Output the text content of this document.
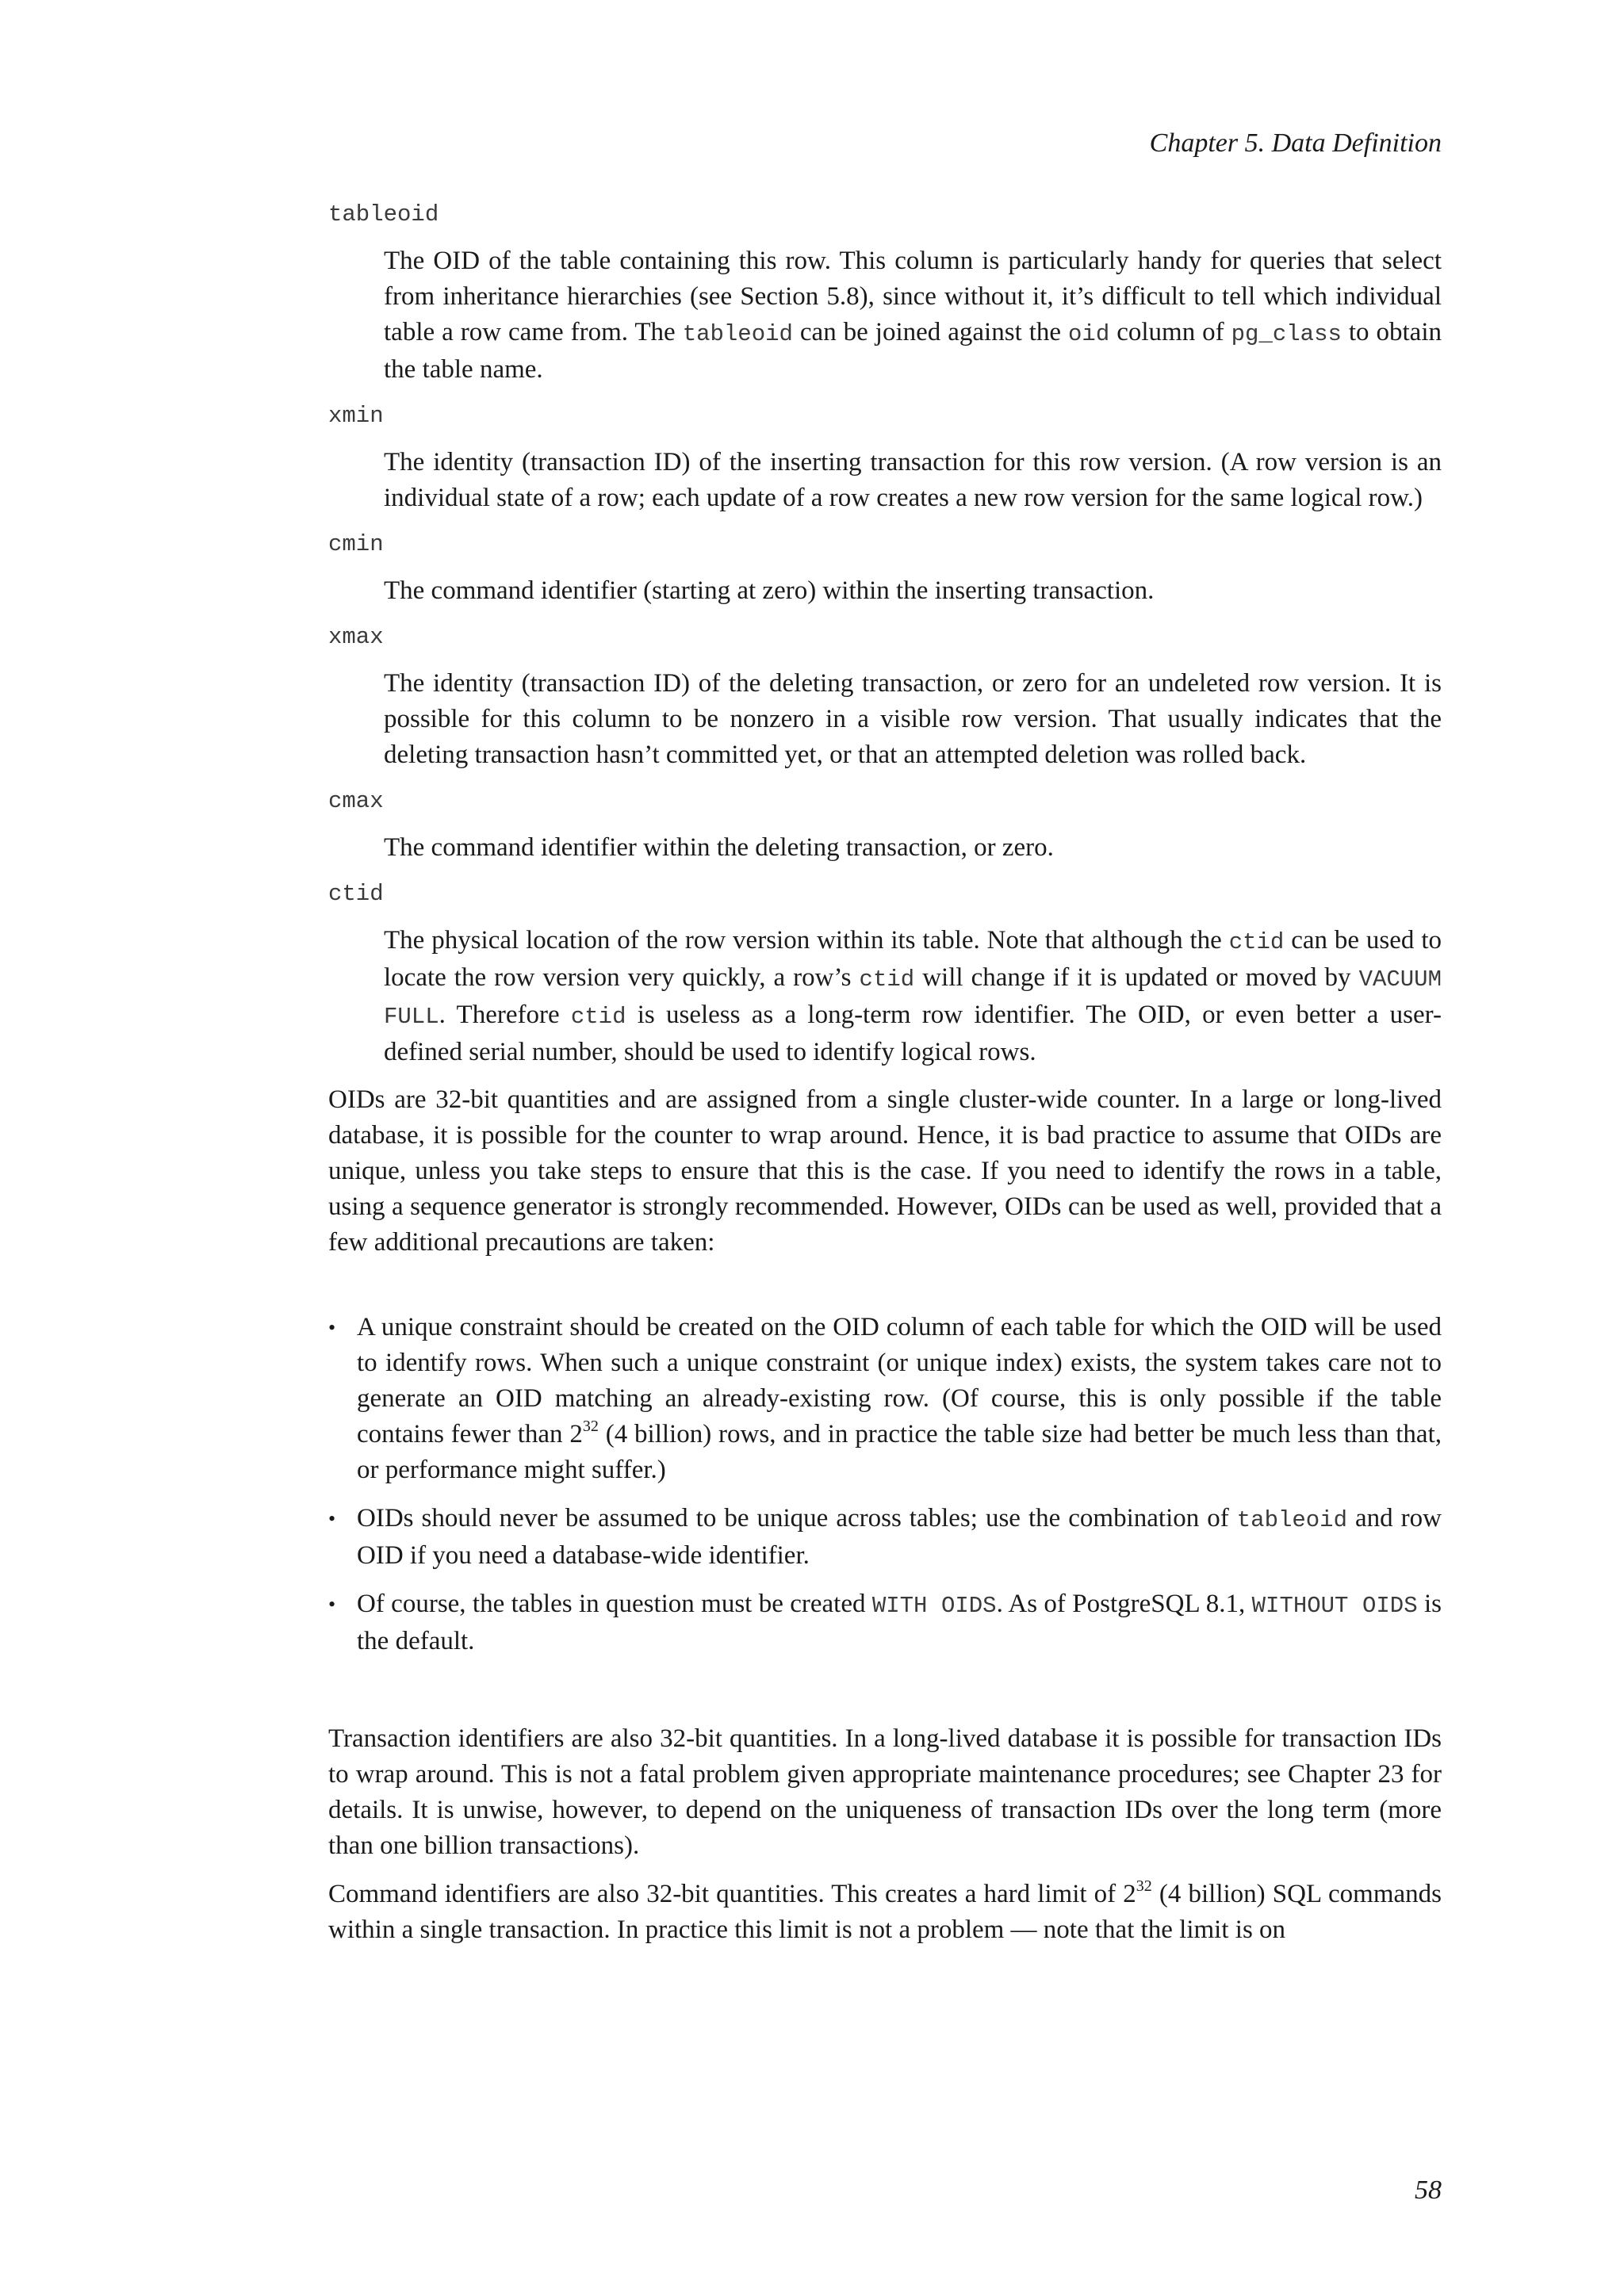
Chapter 5. Data Definition
tableoid
The OID of the table containing this row. This column is particularly handy for queries that select from inheritance hierarchies (see Section 5.8), since without it, it’s difficult to tell which individual table a row came from. The tableoid can be joined against the oid column of pg_class to obtain the table name.
xmin
The identity (transaction ID) of the inserting transaction for this row version. (A row version is an individual state of a row; each update of a row creates a new row version for the same logical row.)
cmin
The command identifier (starting at zero) within the inserting transaction.
xmax
The identity (transaction ID) of the deleting transaction, or zero for an undeleted row version. It is possible for this column to be nonzero in a visible row version. That usually indicates that the deleting transaction hasn’t committed yet, or that an attempted deletion was rolled back.
cmax
The command identifier within the deleting transaction, or zero.
ctid
The physical location of the row version within its table. Note that although the ctid can be used to locate the row version very quickly, a row’s ctid will change if it is updated or moved by VACUUM FULL. Therefore ctid is useless as a long-term row identifier. The OID, or even better a user-defined serial number, should be used to identify logical rows.

OIDs are 32-bit quantities and are assigned from a single cluster-wide counter. In a large or long-lived database, it is possible for the counter to wrap around. Hence, it is bad practice to assume that OIDs are unique, unless you take steps to ensure that this is the case. If you need to identify the rows in a table, using a sequence generator is strongly recommended. However, OIDs can be used as well, provided that a few additional precautions are taken:

• A unique constraint should be created on the OID column of each table for which the OID will be used to identify rows. When such a unique constraint (or unique index) exists, the system takes care not to generate an OID matching an already-existing row. (Of course, this is only possible if the table contains fewer than $2^{32}$ (4 billion) rows, and in practice the table size had better be much less than that, or performance might suffer.)
• OIDs should never be assumed to be unique across tables; use the combination of tableoid and row OID if you need a database-wide identifier.
• Of course, the tables in question must be created WITH OIDS. As of PostgreSQL 8.1, WITHOUT OIDS is the default.

Transaction identifiers are also 32-bit quantities. In a long-lived database it is possible for transaction IDs to wrap around. This is not a fatal problem given appropriate maintenance procedures; see Chapter 23 for details. It is unwise, however, to depend on the uniqueness of transaction IDs over the long term (more than one billion transactions).

Command identifiers are also 32-bit quantities. This creates a hard limit of $2^{32}$ (4 billion) SQL commands within a single transaction. In practice this limit is not a problem — note that the limit is on

58
